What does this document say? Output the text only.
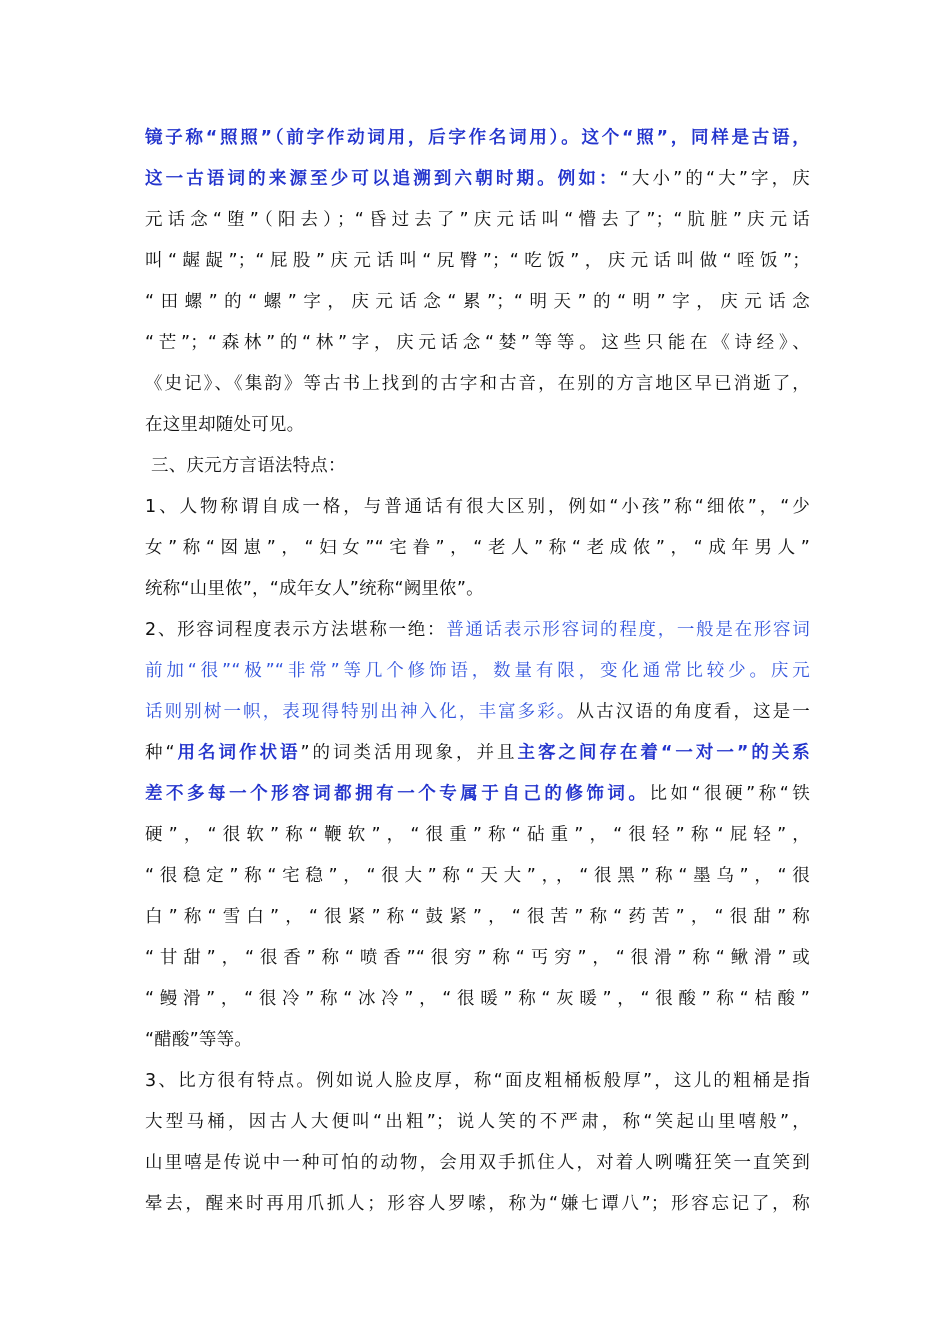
镜子称“照照”（前字作动词用，后字作名词用）。这个“照”，同样是古语，
这一古语词的来源至少可以追溯到六朝时期。例如：“大小”的“大”字，庆
元话念“堕”（阳去）；“昏过去了”庆元话叫“懵去了”；“肮脏”庆元话
叫“龌龊”；“屁股”庆元话叫“尻臀”；“吃饭”，庆元话叫做“咥饭”；
“田螺”的“螺”字，庆元话念“累”；“明天”的“明”字，庆元话念
“芒”；“森林”的“林”字，庆元话念“婪”等等。这些只能在《诗经》、
《史记》、《集韵》等古书上找到的古字和古音，在别的方言地区早已消逝了，
在这里却随处可见。
三、庆元方言语法特点：
1、人物称谓自成一格，与普通话有很大区别，例如“小孩”称“细侬”，“少
女”称“囡崽”，“妇女”“宅眷”，“老人”称“老成侬”，“成年男人”
统称“山里侬”，“成年女人”统称“阙里侬”。
2、形容词程度表示方法堪称一绝：普通话表示形容词的程度，一般是在形容词
前加“很”“极”“非常”等几个修饰语，数量有限，变化通常比较少。庆元
话则别树一帜，表现得特别出神入化，丰富多彩。从古汉语的角度看，这是一
种“用名词作状语”的词类活用现象，并且主客之间存在着“一对一”的关系
差不多每一个形容词都拥有一个专属于自己的修饰词。比如“很硬”称“铁
硬”，“很软”称“鞭软”，“很重”称“砧重”，“很轻”称“屁轻”，
“很稳定”称“宅稳”，“很大”称“天大”，，“很黑”称“墨乌”，“很
白”称“雪白”，“很紧”称“鼓紧”，“很苦”称“药苦”，“很甜”称
“甘甜”，“很香”称“喷香”“很穷”称“丐穷”，“很滑”称“鳅滑”或
“鳗滑”，“很冷”称“冰冷”，“很暖”称“灰暖”，“很酸”称“桔酸”
“醋酸”等等。
3、比方很有特点。例如说人脸皮厚，称“面皮粗桶板般厚”，这儿的粗桶是指
大型马桶，因古人大便叫“出粗”；说人笑的不严肃，称“笑起山里嘻般”，
山里嘻是传说中一种可怕的动物，会用双手抓住人，对着人咧嘴狂笑一直笑到
晕去，醒来时再用爪抓人；形容人罗嗦，称为“嫌七谭八”；形容忘记了，称
